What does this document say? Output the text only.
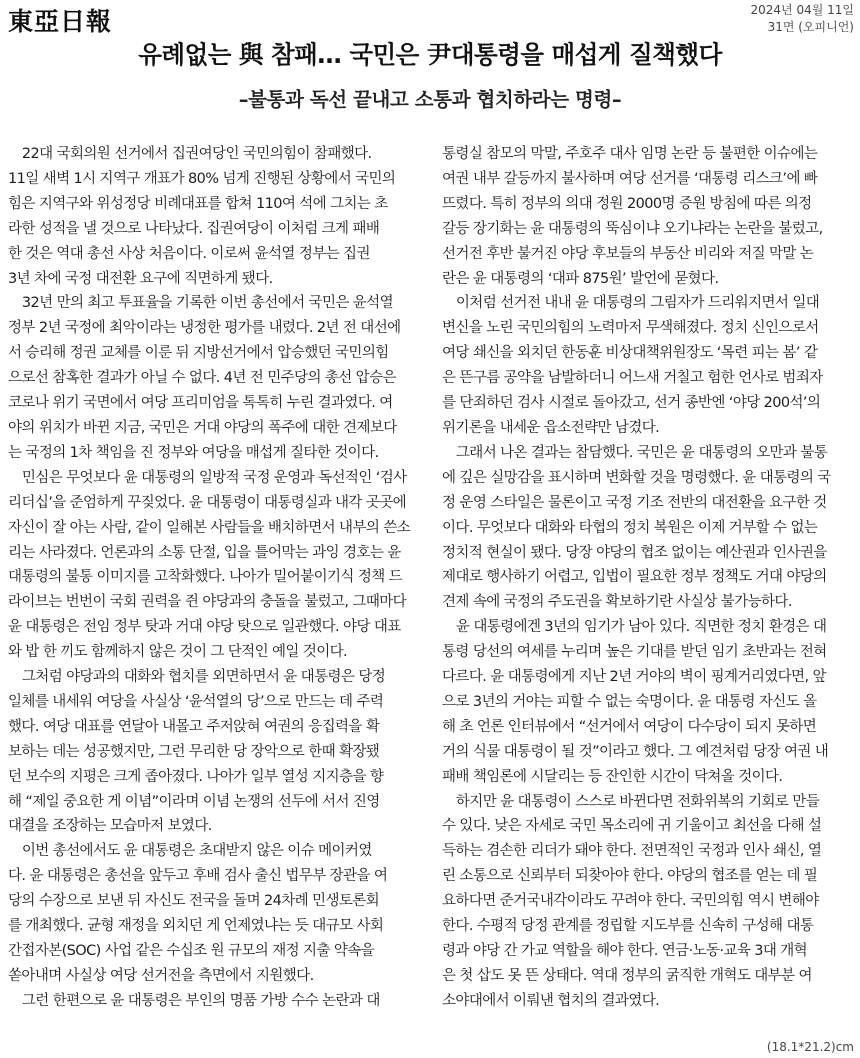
東亞日報	2024년 04월 11일
31면 (오피니언)
유례없는 與 참패… 국민은 尹대통령을 매섭게 질책했다
–불통과 독선 끝내고 소통과 협치하라는 명령–

　22대 국회의원 선거에서 집권여당인 국민의힘이 참패했다.

11일 새벽 1시 지역구 개표가 80% 넘게 진행된 상황에서 국민의

힘은 지역구와 위성정당 비례대표를 합쳐 110여 석에 그치는 초

라한 성적을 낼 것으로 나타났다. 집권여당이 이처럼 크게 패배

한 것은 역대 총선 사상 처음이다. 이로써 윤석열 정부는 집권

3년 차에 국정 대전환 요구에 직면하게 됐다.

　32년 만의 최고 투표율을 기록한 이번 총선에서 국민은 윤석열

정부 2년 국정에 최악이라는 냉정한 평가를 내렸다. 2년 전 대선에

서 승리해 정권 교체를 이룬 뒤 지방선거에서 압승했던 국민의힘

으로선 참혹한 결과가 아닐 수 없다. 4년 전 민주당의 총선 압승은

코로나 위기 국면에서 여당 프리미엄을 톡톡히 누린 결과였다. 여

야의 위치가 바뀐 지금, 국민은 거대 야당의 폭주에 대한 견제보다

는 국정의 1차 책임을 진 정부와 여당을 매섭게 질타한 것이다.

　민심은 무엇보다 윤 대통령의 일방적 국정 운영과 독선적인 ‘검사

리더십’을 준엄하게 꾸짖었다. 윤 대통령이 대통령실과 내각 곳곳에

자신이 잘 아는 사람, 같이 일해본 사람들을 배치하면서 내부의 쓴소

리는 사라졌다. 언론과의 소통 단절, 입을 틀어막는 과잉 경호는 윤

대통령의 불통 이미지를 고착화했다. 나아가 밀어붙이기식 정책 드

라이브는 번번이 국회 권력을 쥔 야당과의 충돌을 불렀고, 그때마다

윤 대통령은 전임 정부 탓과 거대 야당 탓으로 일관했다. 야당 대표

와 밥 한 끼도 함께하지 않은 것이 그 단적인 예일 것이다.

　그처럼 야당과의 대화와 협치를 외면하면서 윤 대통령은 당정

일체를 내세워 여당을 사실상 ‘윤석열의 당’으로 만드는 데 주력

했다. 여당 대표를 연달아 내몰고 주저앉혀 여권의 응집력을 확

보하는 데는 성공했지만, 그런 무리한 당 장악으로 한때 확장됐

던 보수의 지평은 크게 좁아졌다. 나아가 일부 열성 지지층을 향

해 “제일 중요한 게 이념”이라며 이념 논쟁의 선두에 서서 진영

대결을 조장하는 모습마저 보였다.

　이번 총선에서도 윤 대통령은 초대받지 않은 이슈 메이커였

다. 윤 대통령은 총선을 앞두고 후배 검사 출신 법무부 장관을 여

당의 수장으로 보낸 뒤 자신도 전국을 돌며 24차례 민생토론회

를 개최했다. 균형 재정을 외치던 게 언제였냐는 듯 대규모 사회

간접자본(SOC) 사업 같은 수십조 원 규모의 재정 지출 약속을

쏟아내며 사실상 여당 선거전을 측면에서 지원했다.

　그런 한편으로 윤 대통령은 부인의 명품 가방 수수 논란과 대

통령실 참모의 막말, 주호주 대사 임명 논란 등 불편한 이슈에는

여권 내부 갈등까지 불사하며 여당 선거를 ‘대통령 리스크’에 빠

뜨렸다. 특히 정부의 의대 정원 2000명 증원 방침에 따른 의정

갈등 장기화는 윤 대통령의 뚝심이냐 오기냐라는 논란을 불렀고,

선거전 후반 불거진 야당 후보들의 부동산 비리와 저질 막말 논

란은 윤 대통령의 ‘대파 875원’ 발언에 묻혔다.

　이처럼 선거전 내내 윤 대통령의 그림자가 드리워지면서 일대

변신을 노린 국민의힘의 노력마저 무색해졌다. 정치 신인으로서

여당 쇄신을 외치던 한동훈 비상대책위원장도 ‘목련 피는 봄’ 같

은 뜬구름 공약을 남발하더니 어느새 거칠고 험한 언사로 범죄자

를 단죄하던 검사 시절로 돌아갔고, 선거 종반엔 ‘야당 200석’의

위기론을 내세운 읍소전략만 남겼다.

　그래서 나온 결과는 참담했다. 국민은 윤 대통령의 오만과 불통

에 깊은 실망감을 표시하며 변화할 것을 명령했다. 윤 대통령의 국

정 운영 스타일은 물론이고 국정 기조 전반의 대전환을 요구한 것

이다. 무엇보다 대화와 타협의 정치 복원은 이제 거부할 수 없는

정치적 현실이 됐다. 당장 야당의 협조 없이는 예산권과 인사권을

제대로 행사하기 어렵고, 입법이 필요한 정부 정책도 거대 야당의

견제 속에 국정의 주도권을 확보하기란 사실상 불가능하다.

　윤 대통령에겐 3년의 임기가 남아 있다. 직면한 정치 환경은 대

통령 당선의 여세를 누리며 높은 기대를 받던 임기 초반과는 전혀

다르다. 윤 대통령에게 지난 2년 거야의 벽이 핑계거리였다면, 앞

으로 3년의 거야는 피할 수 없는 숙명이다. 윤 대통령 자신도 올

해 초 언론 인터뷰에서 “선거에서 여당이 다수당이 되지 못하면

거의 식물 대통령이 될 것”이라고 했다. 그 예견처럼 당장 여권 내

패배 책임론에 시달리는 등 잔인한 시간이 닥쳐올 것이다.

　하지만 윤 대통령이 스스로 바뀐다면 전화위복의 기회로 만들

수 있다. 낮은 자세로 국민 목소리에 귀 기울이고 최선을 다해 설

득하는 겸손한 리더가 돼야 한다. 전면적인 국정과 인사 쇄신, 열

린 소통으로 신뢰부터 되찾아야 한다. 야당의 협조를 얻는 데 필

요하다면 준거국내각이라도 꾸려야 한다. 국민의힘 역시 변해야

한다. 수평적 당정 관계를 정립할 지도부를 신속히 구성해 대통

령과 야당 간 가교 역할을 해야 한다. 연금·노동·교육 3대 개혁

은 첫 삽도 못 뜬 상태다. 역대 정부의 굵직한 개혁도 대부분 여

소야대에서 이뤄낸 협치의 결과였다.

(18.1*21.2)cm
